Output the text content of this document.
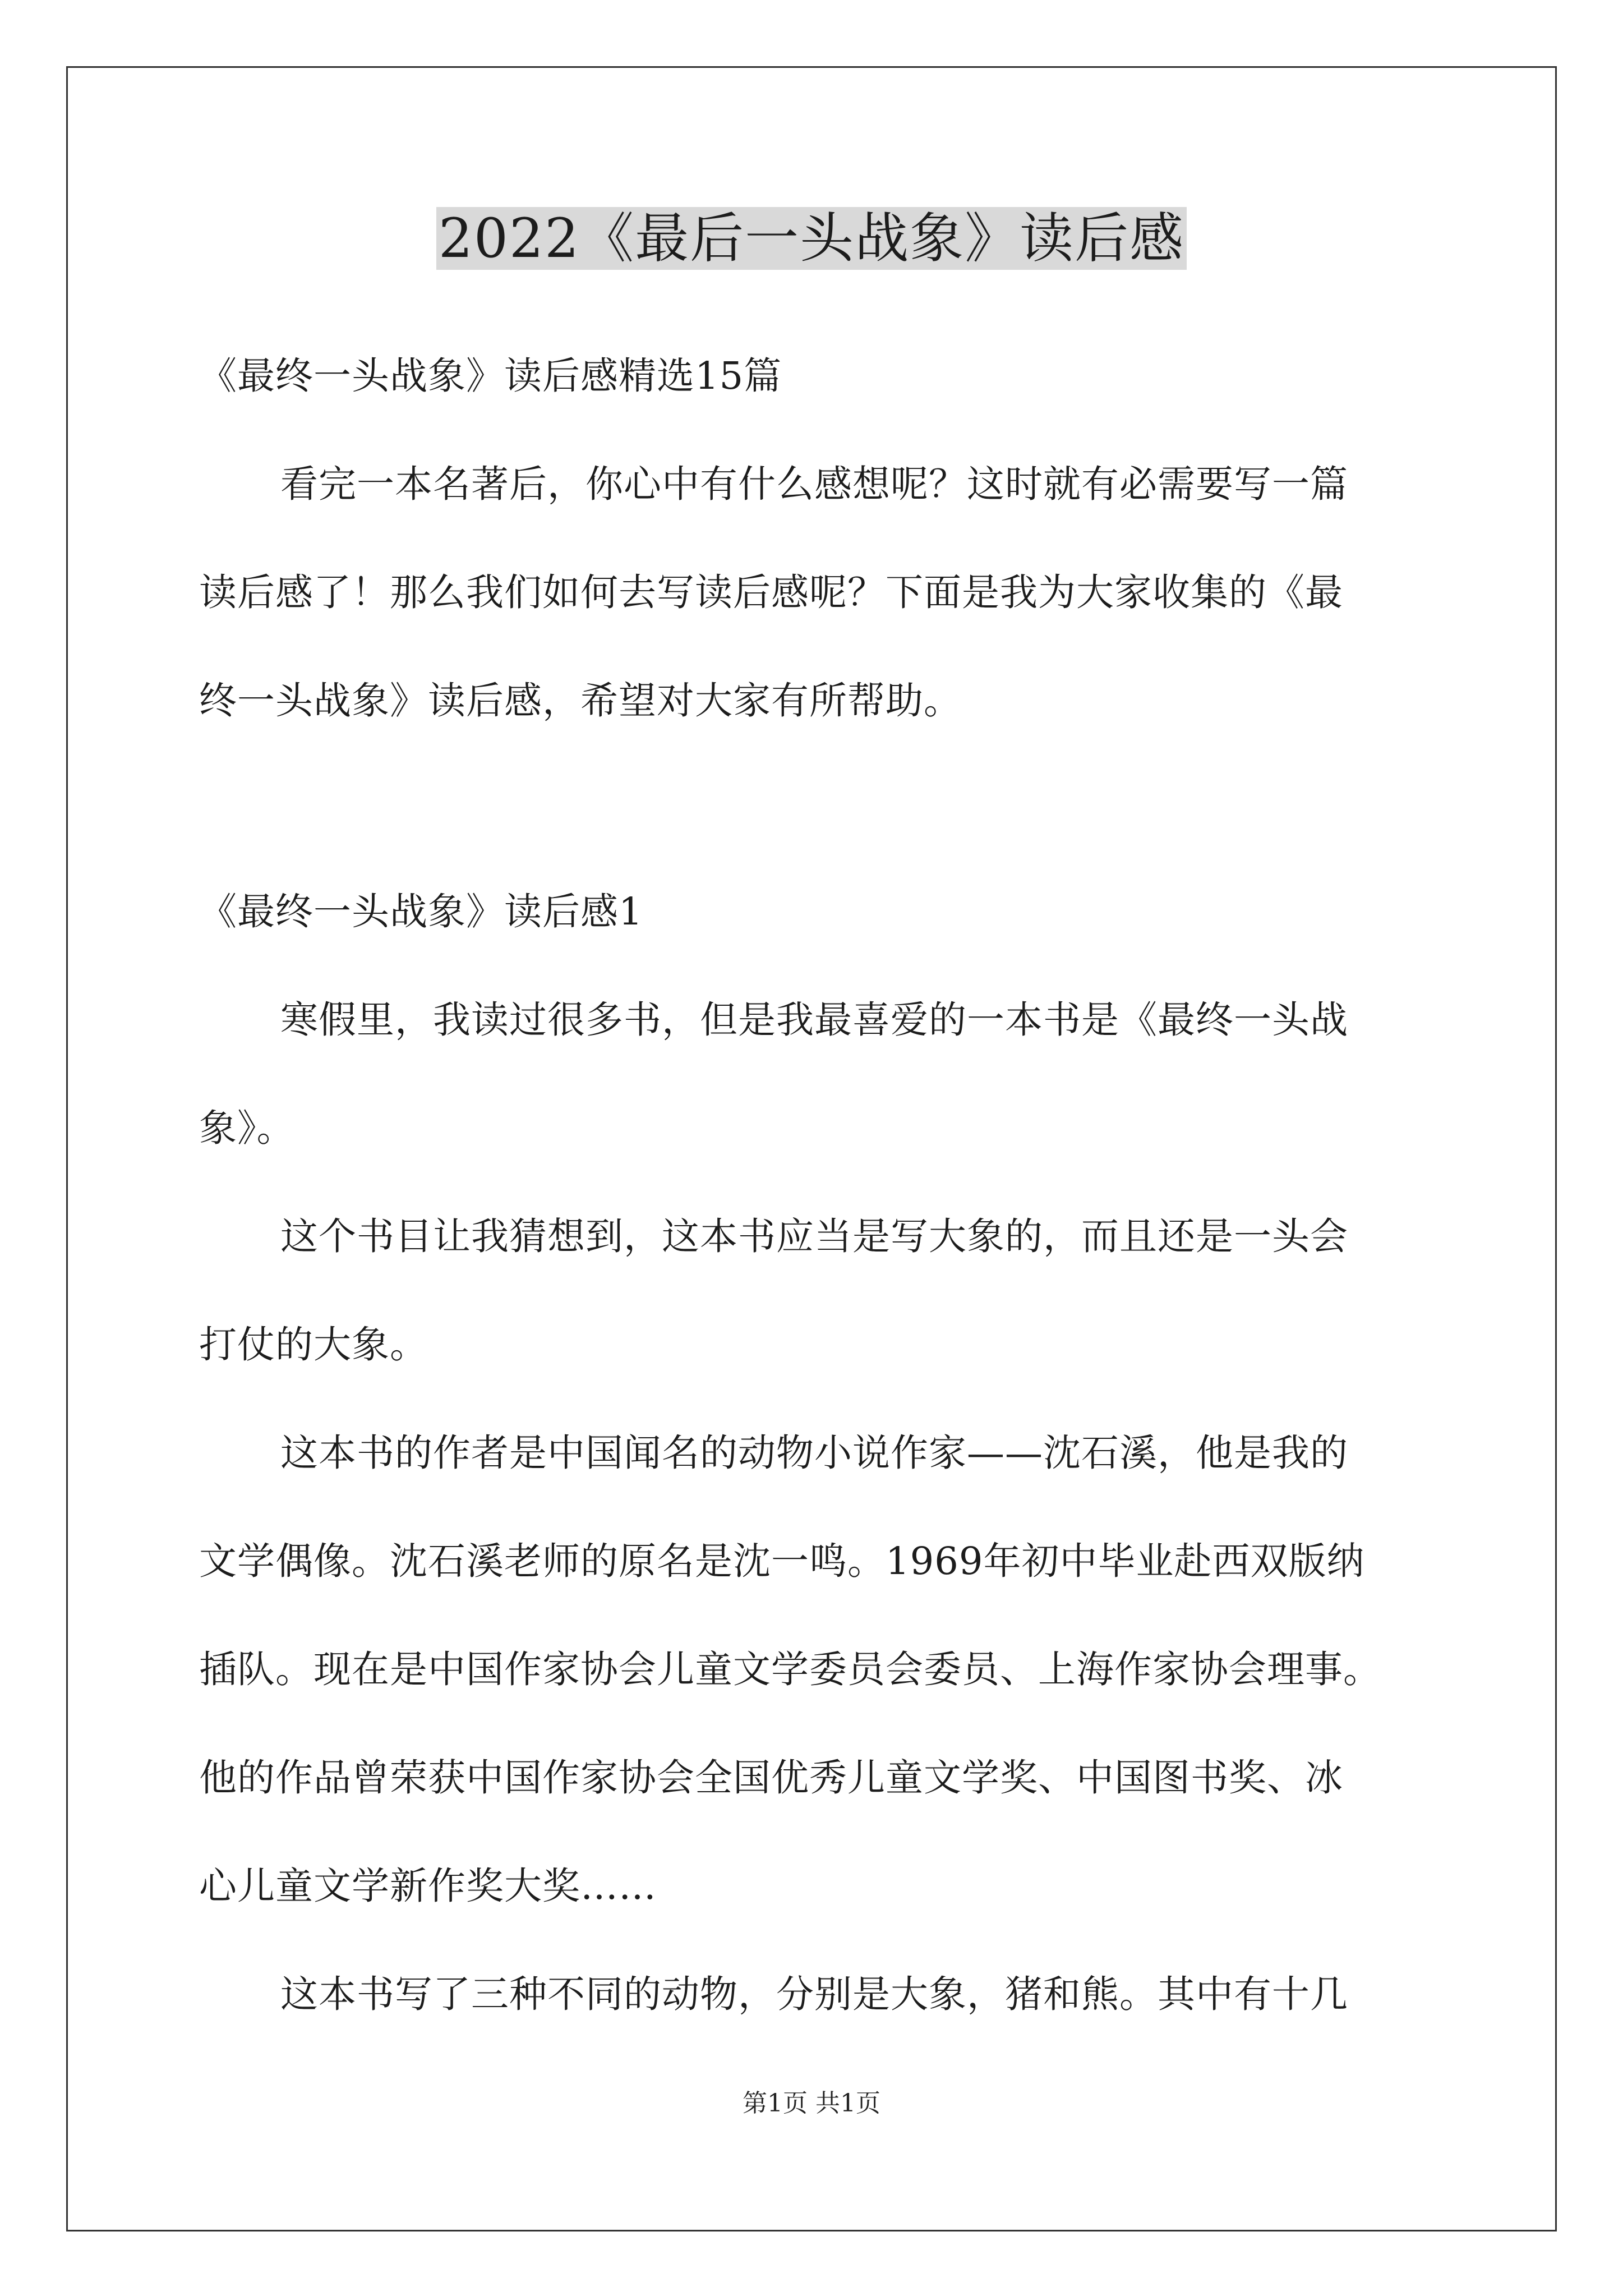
2022《最后一头战象》读后感

《最终一头战象》读后感精选15篇

看完一本名著后，你心中有什么感想呢？这时就有必需要写一篇

读后感了！那么我们如何去写读后感呢？下面是我为大家收集的《最

终一头战象》读后感，希望对大家有所帮助。

《最终一头战象》读后感1

寒假里，我读过很多书，但是我最喜爱的一本书是《最终一头战

象》。

这个书目让我猜想到，这本书应当是写大象的，而且还是一头会

打仗的大象。

这本书的作者是中国闻名的动物小说作家——沈石溪，他是我的

文学偶像。沈石溪老师的原名是沈一鸣。1969年初中毕业赴西双版纳

插队。现在是中国作家协会儿童文学委员会委员、上海作家协会理事。

他的作品曾荣获中国作家协会全国优秀儿童文学奖、中国图书奖、冰

心儿童文学新作奖大奖……

这本书写了三种不同的动物，分别是大象，猪和熊。其中有十几

第1页 共1页
